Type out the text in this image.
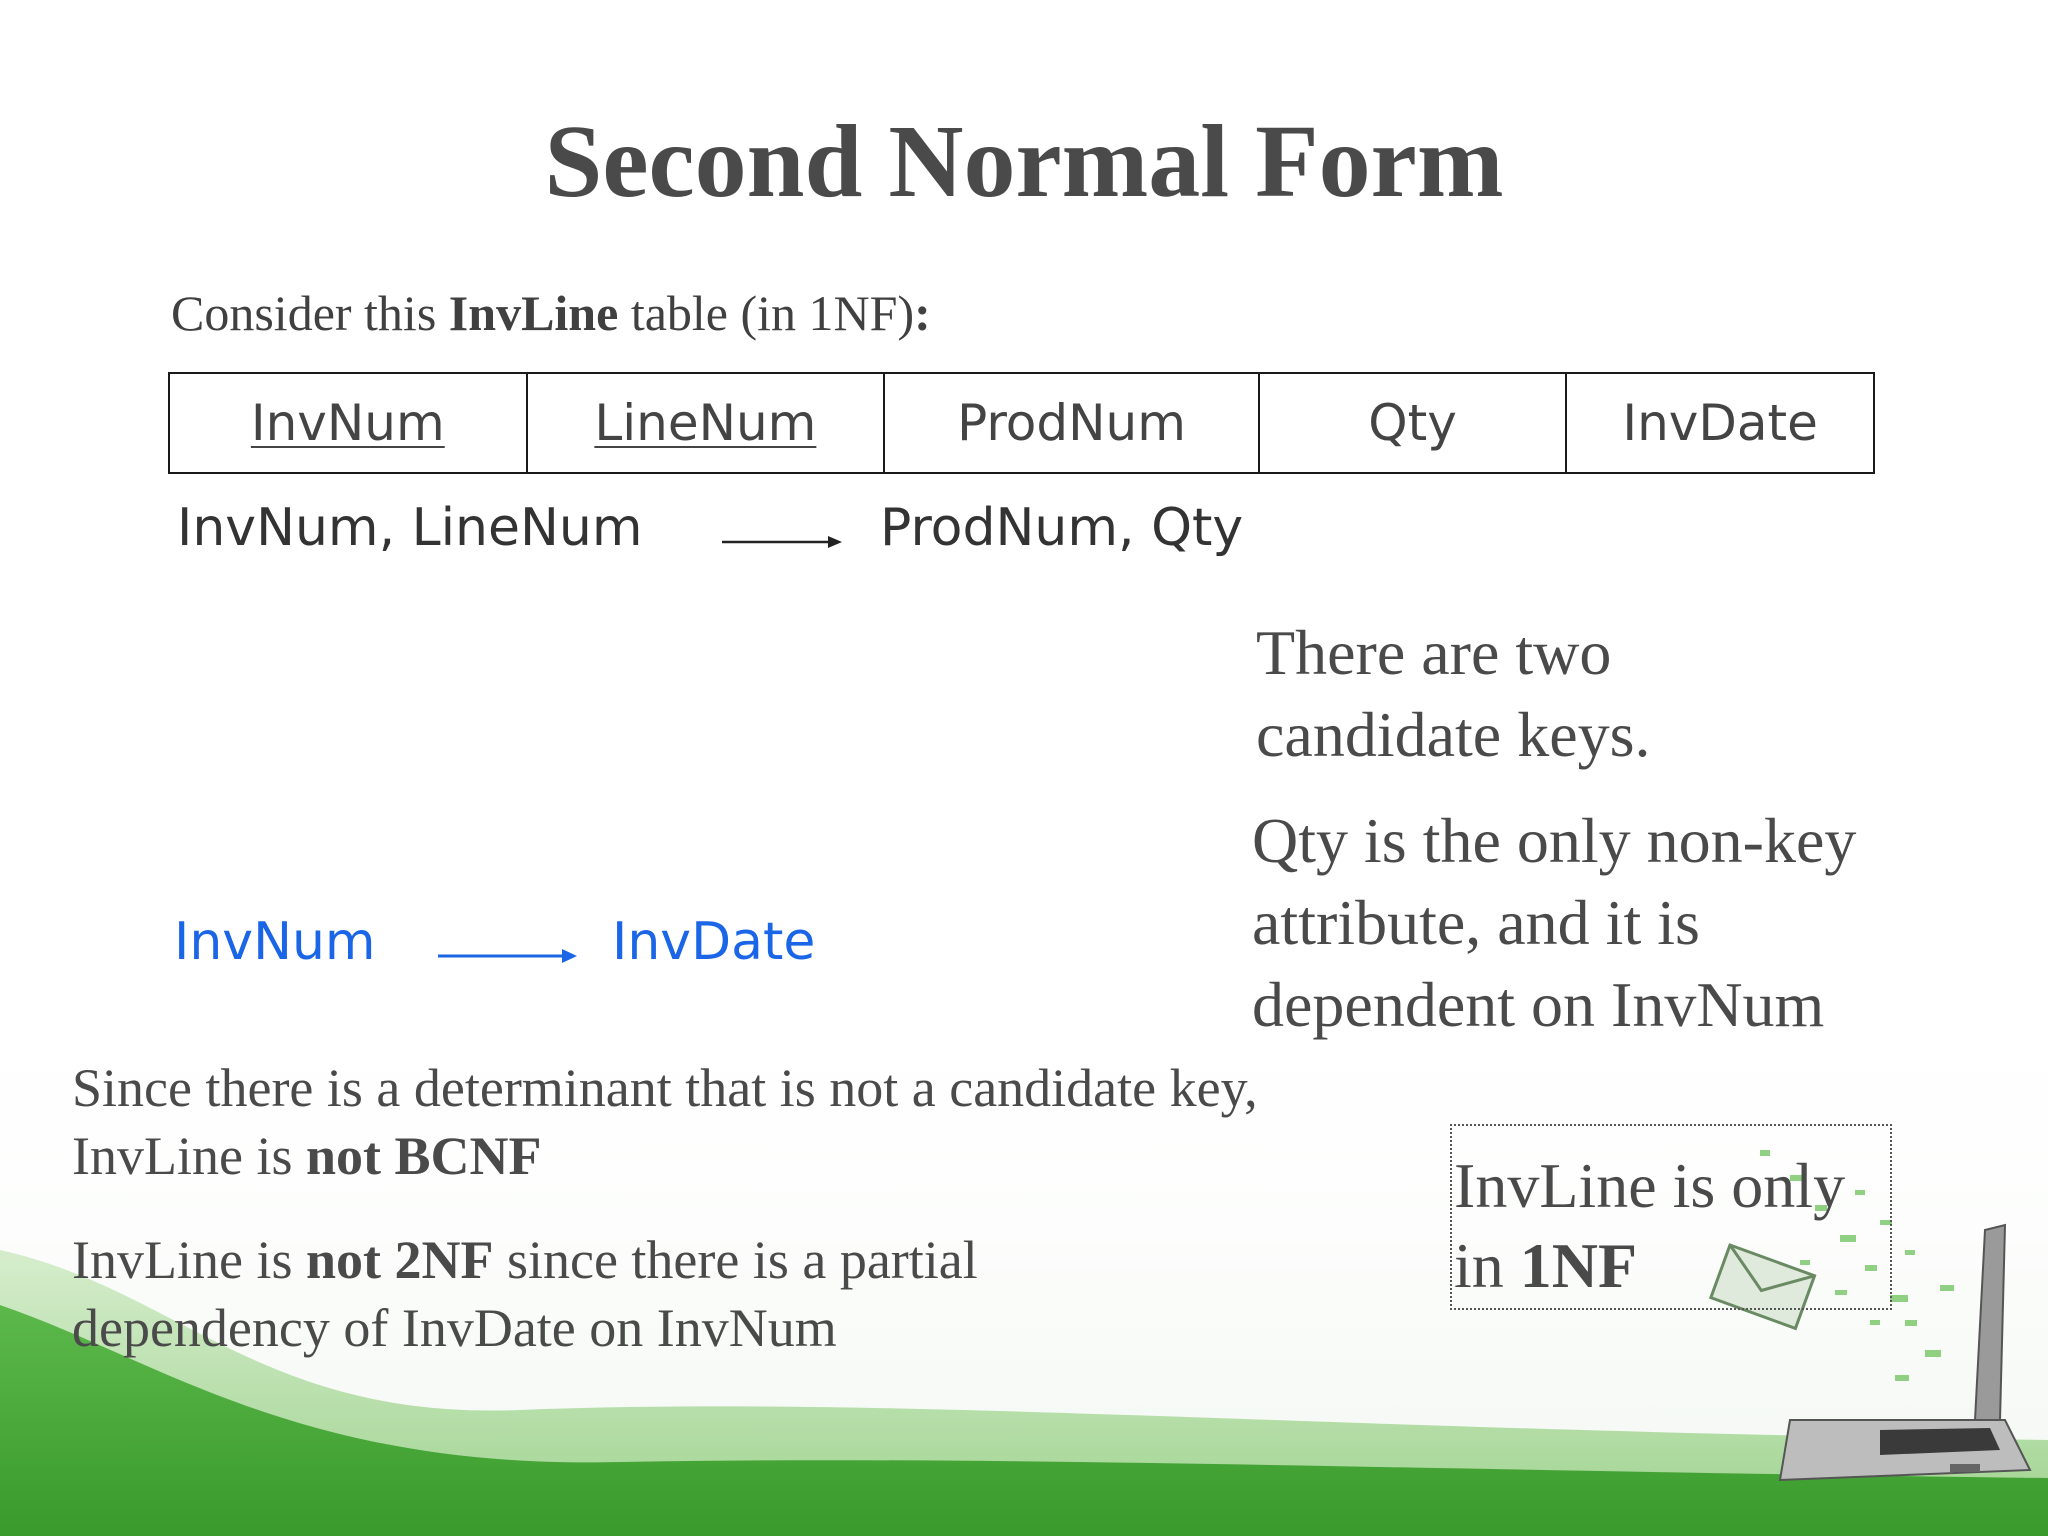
Second Normal Form
Consider this InvLine table (in 1NF):
InvNum	LineNum	ProdNum	Qty	InvDate
InvNum, LineNum	ProdNum, Qty
There are two candidate keys.
Qty is the only non-key attribute, and it is dependent on InvNum
InvNum	InvDate
Since there is a determinant that is not a candidate key, InvLine is not BCNF
InvLine is not 2NF since there is a partial dependency of InvDate on InvNum
InvLine is only in 1NF
